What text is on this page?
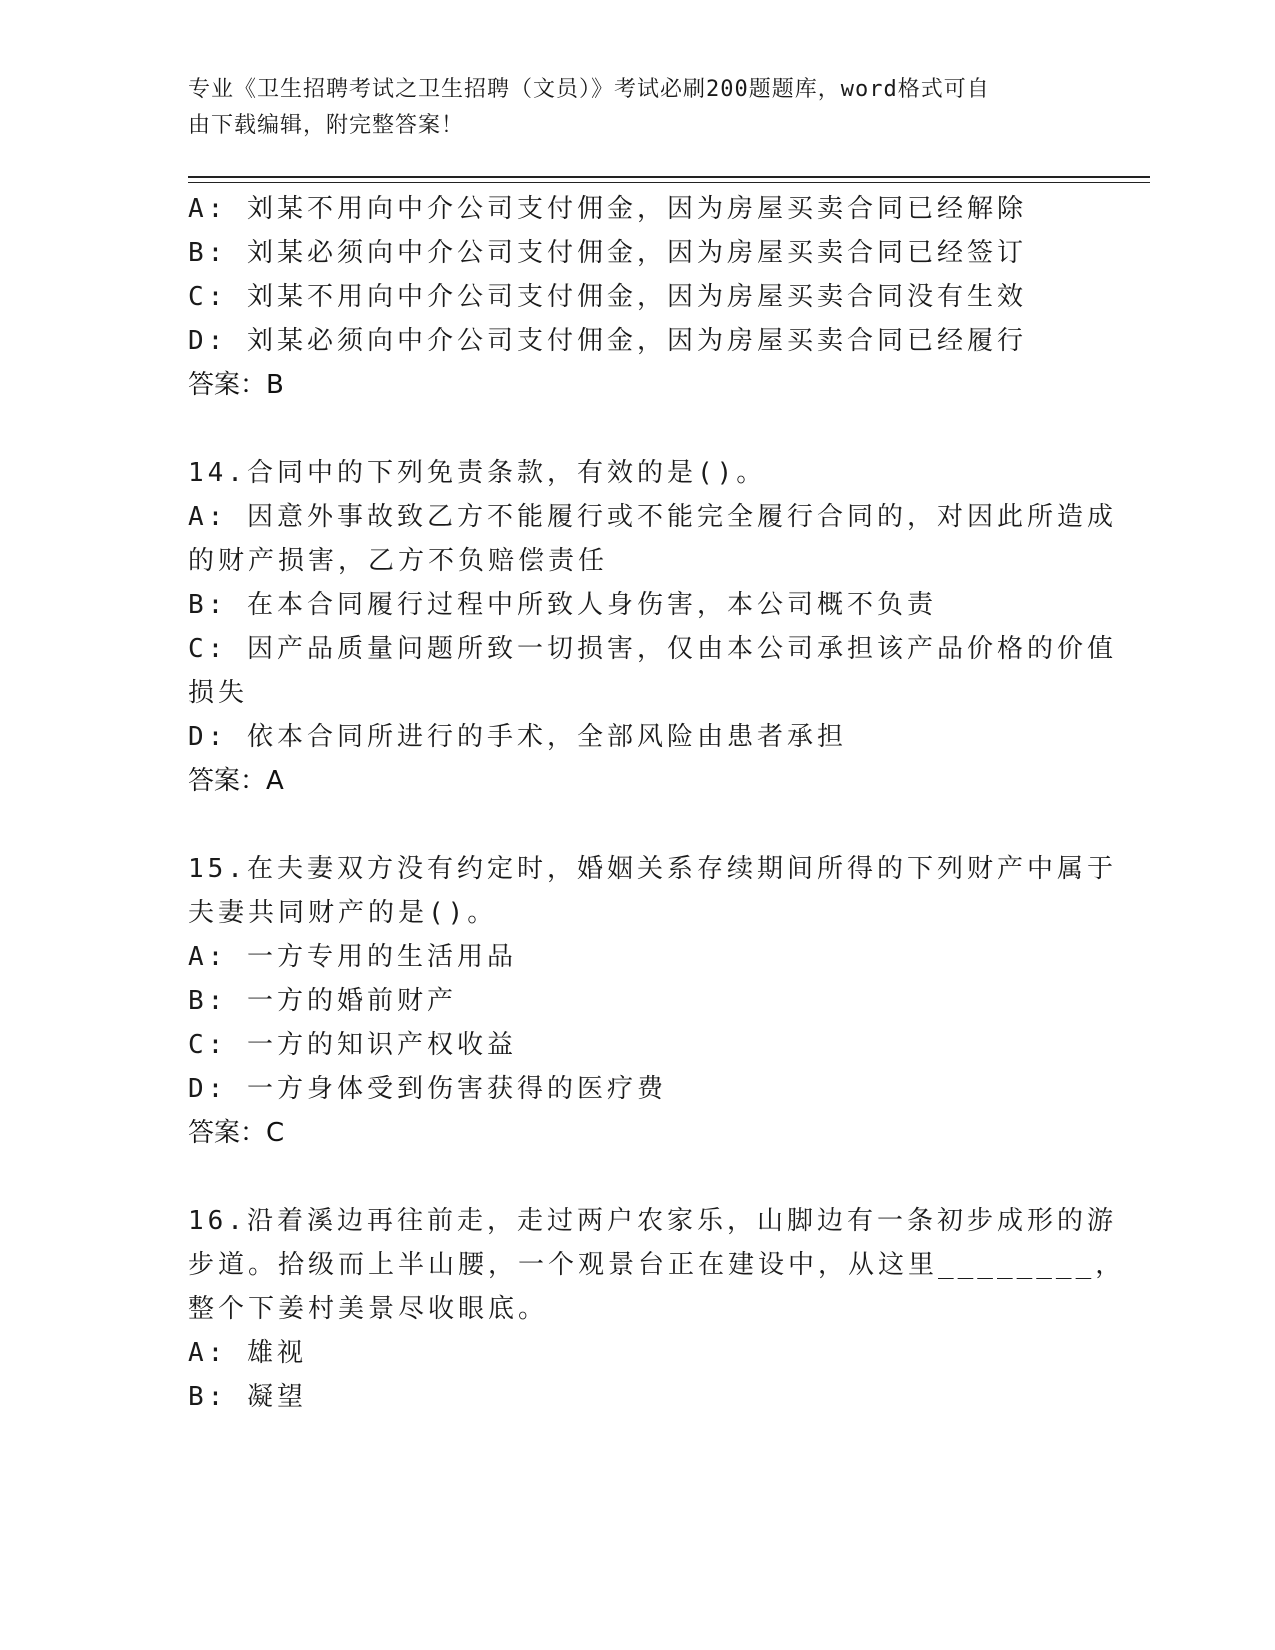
专业《卫生招聘考试之卫生招聘（文员）》考试必刷200题题库，word格式可自
由下载编辑，附完整答案！
A: 刘某不用向中介公司支付佣金，因为房屋买卖合同已经解除
B: 刘某必须向中介公司支付佣金，因为房屋买卖合同已经签订
C: 刘某不用向中介公司支付佣金，因为房屋买卖合同没有生效
D: 刘某必须向中介公司支付佣金，因为房屋买卖合同已经履行
答案：B
14.合同中的下列免责条款，有效的是()。
A: 因意外事故致乙方不能履行或不能完全履行合同的，对因此所造成
的财产损害，乙方不负赔偿责任
B: 在本合同履行过程中所致人身伤害，本公司概不负责
C: 因产品质量问题所致一切损害，仅由本公司承担该产品价格的价值
损失
D: 依本合同所进行的手术，全部风险由患者承担
答案：A
15.在夫妻双方没有约定时，婚姻关系存续期间所得的下列财产中属于
夫妻共同财产的是()。
A: 一方专用的生活用品
B: 一方的婚前财产
C: 一方的知识产权收益
D: 一方身体受到伤害获得的医疗费
答案：C
16.沿着溪边再往前走，走过两户农家乐，山脚边有一条初步成形的游
步道。拾级而上半山腰，一个观景台正在建设中，从这里________，
整个下姜村美景尽收眼底。
A: 雄视
B: 凝望
